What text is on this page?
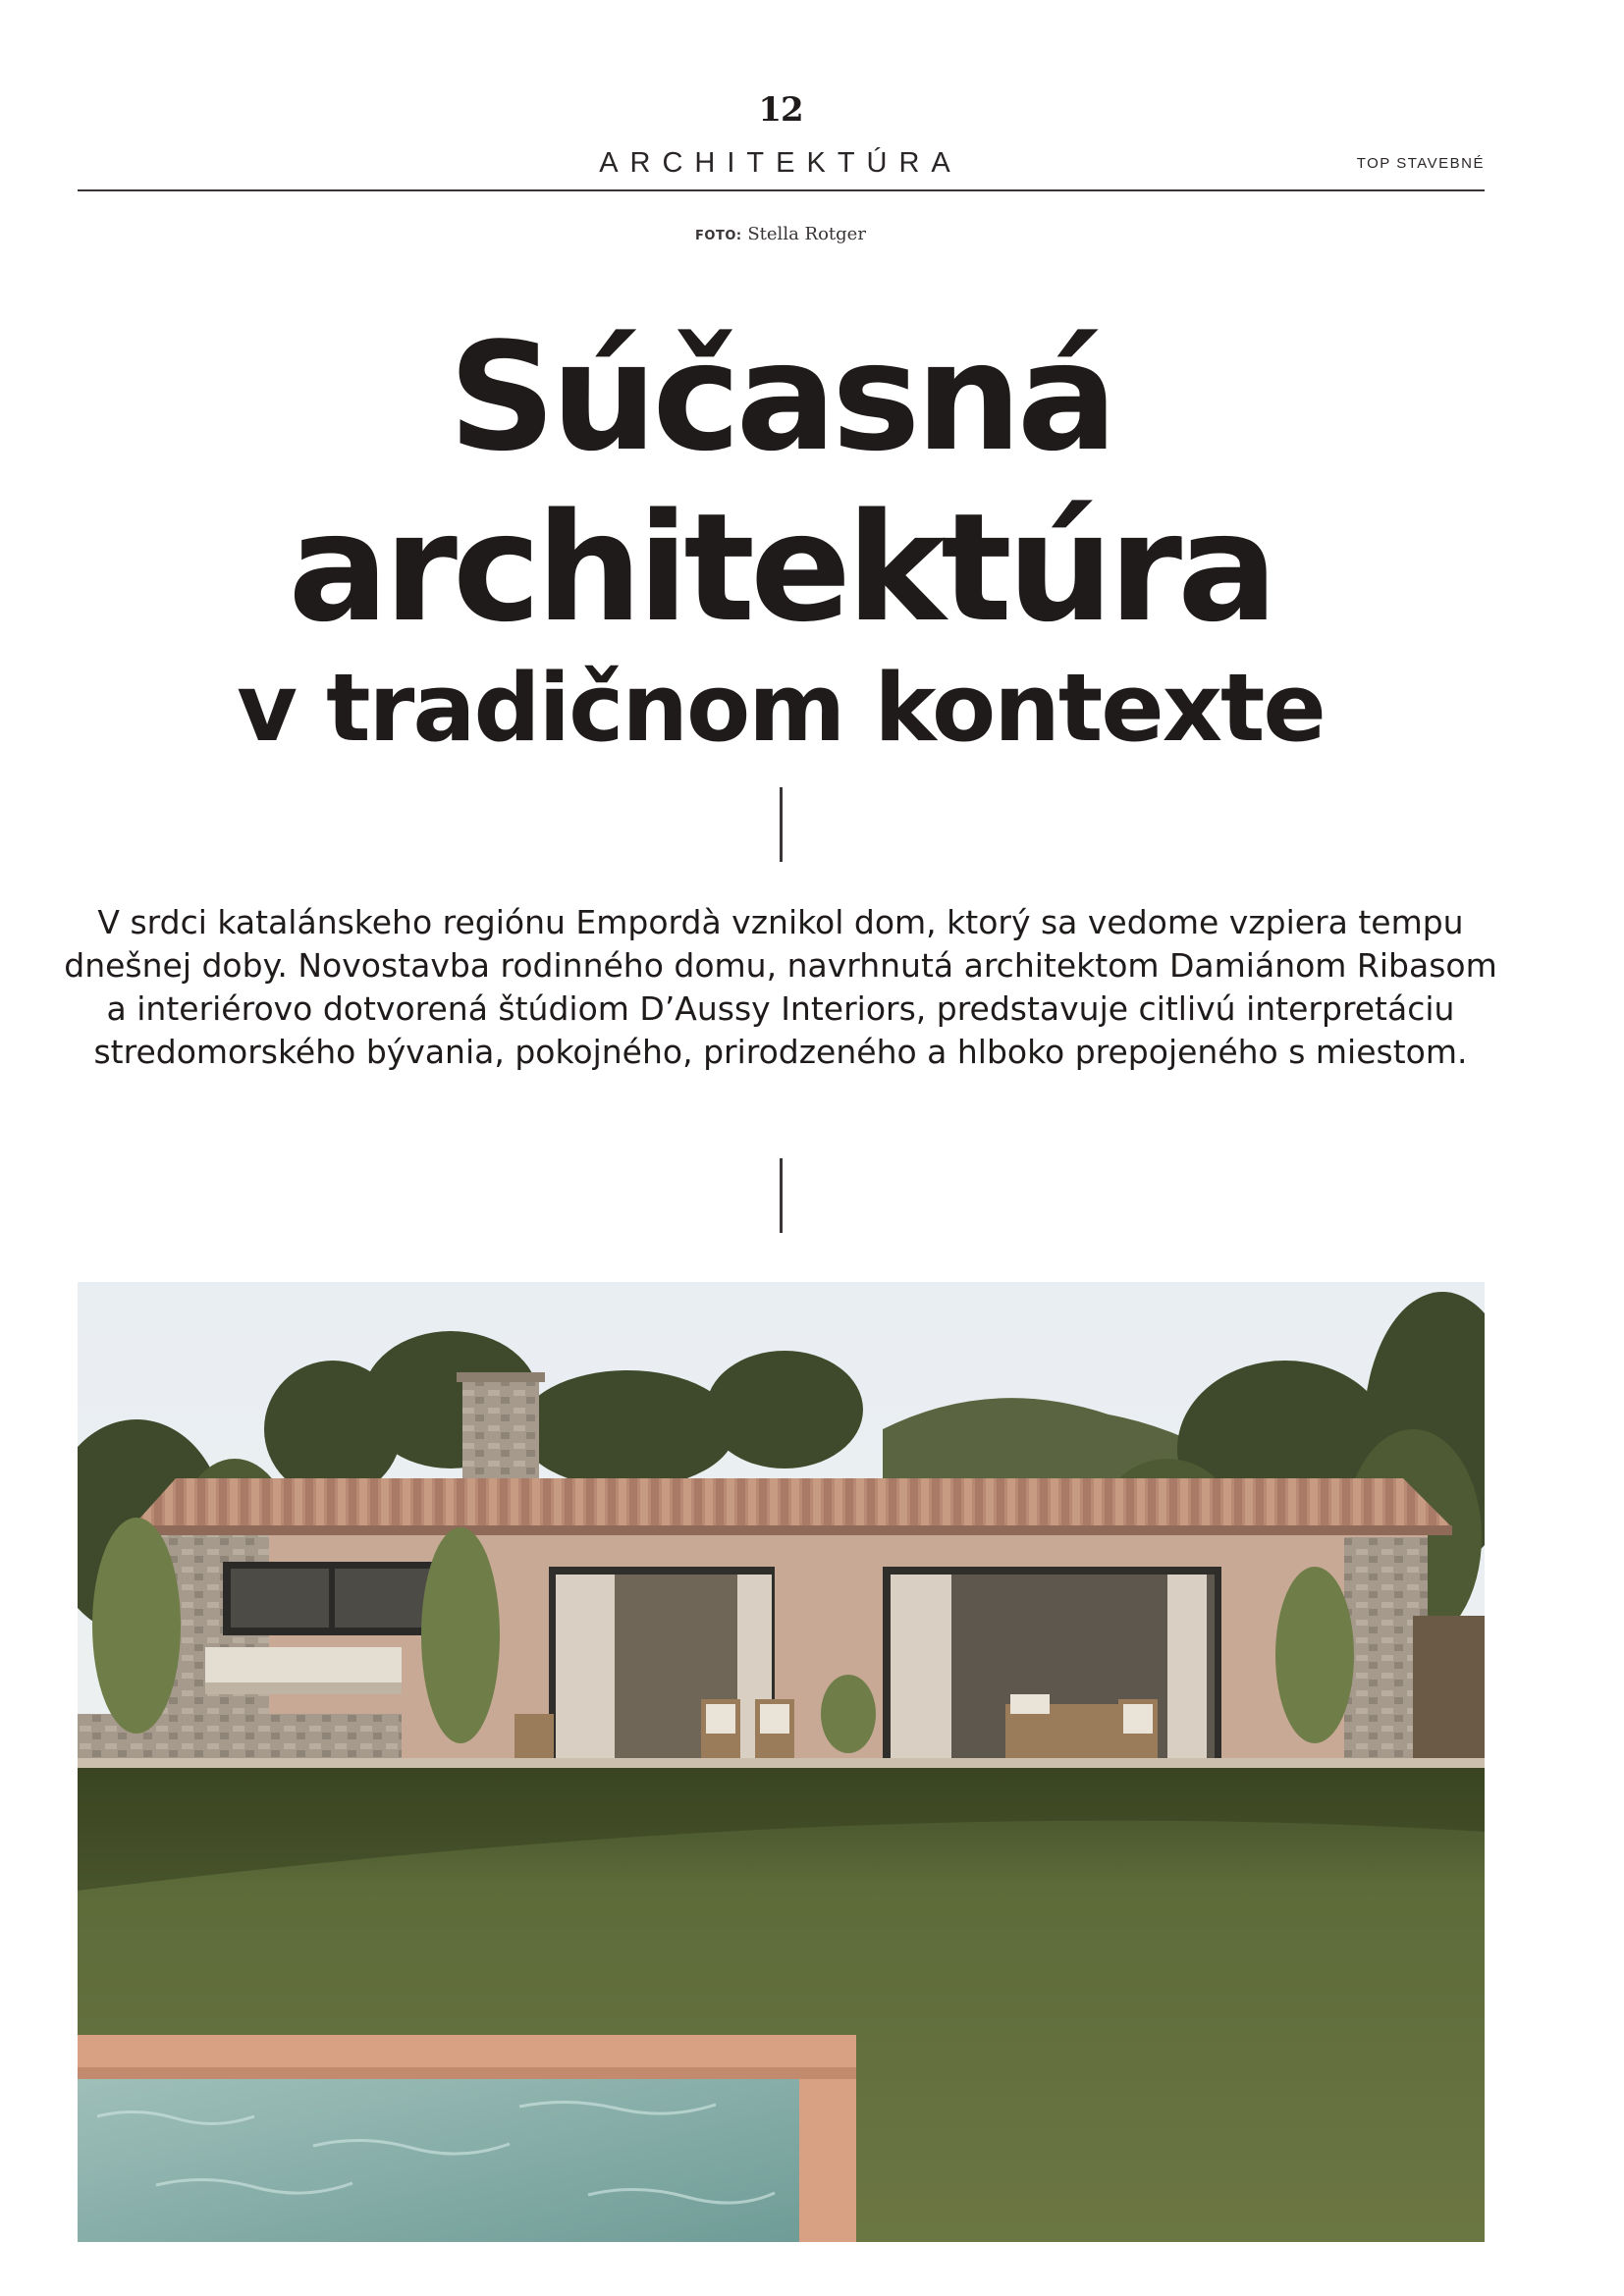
12
ARCHITEKTÚRA	TOP STAVEBNÉ
FOTO: Stella Rotger
Súčasná
architektúra
v tradičnom kontexte

V srdci katalánskeho regiónu Empordà vznikol dom, ktorý sa vedome vzpiera tempu dnešnej doby. Novostavba rodinného domu, navrhnutá architektom Damiánom Ribasom a interiérovo dotvorená štúdiom D’Aussy Interiors, predstavuje citlivú interpretáciu stredomorského bývania, pokojného, prirodzeného a hlboko prepojeného s miestom.
